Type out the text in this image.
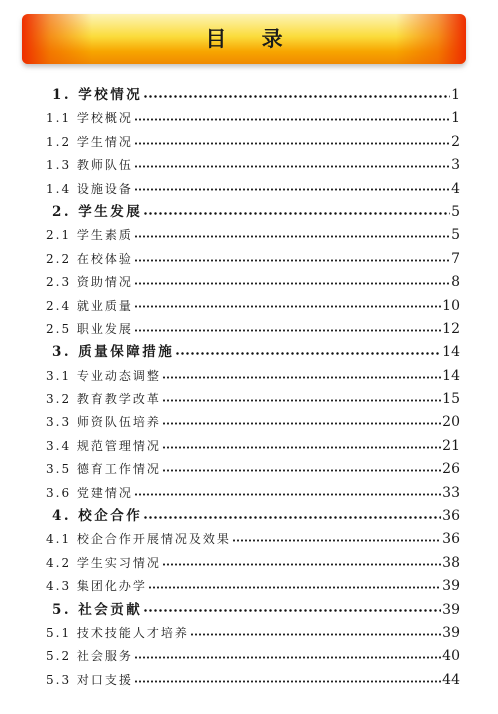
目 录
1. 学校情况	1
1.1 学校概况	1
1.2 学生情况	2
1.3 教师队伍	3
1.4 设施设备	4
2. 学生发展	5
2.1 学生素质	5
2.2 在校体验	7
2.3 资助情况	8
2.4 就业质量	10
2.5 职业发展	12
3. 质量保障措施	14
3.1 专业动态调整	14
3.2 教育教学改革	15
3.3 师资队伍培养	20
3.4 规范管理情况	21
3.5 德育工作情况	26
3.6 党建情况	33
4. 校企合作	36
4.1 校企合作开展情况及效果	36
4.2 学生实习情况	38
4.3 集团化办学	39
5. 社会贡献	39
5.1 技术技能人才培养	39
5.2 社会服务	40
5.3 对口支援	44
